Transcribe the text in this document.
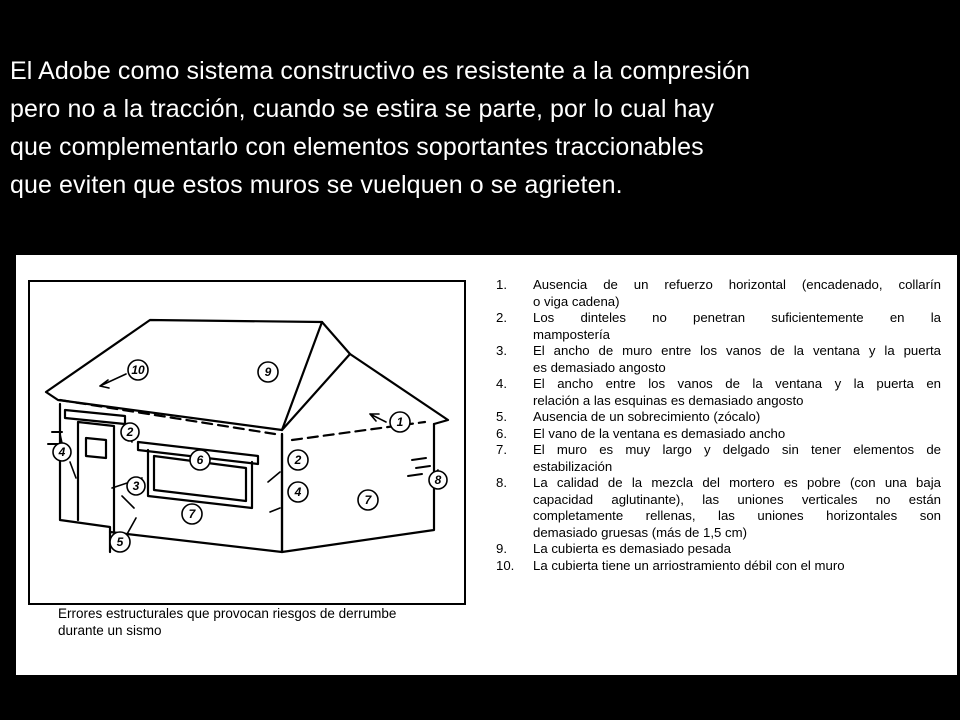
El Adobe como sistema constructivo es resistente a la compresión
pero no a la tracción, cuando se estira se parte, por lo cual hay
que complementarlo con elementos soportantes traccionables
que eviten que estos muros se vuelquen o se agrieten.
10	9
1
2
4
6	2
8
3	4
7
7
5
Errores estructurales que provocan riesgos de derrumbe
durante un sismo
1. Ausencia de un refuerzo horizontal (encadenado, collarín
o viga cadena)
2. Los dinteles no penetran suficientemente en la
mampostería
3. El ancho de muro entre los vanos de la ventana y la puerta
es demasiado angosto
4. El ancho entre los vanos de la ventana y la puerta en
relación a las esquinas es demasiado angosto
5. Ausencia de un sobrecimiento (zócalo)
6. El vano de la ventana es demasiado ancho
7. El muro es muy largo y delgado sin tener elementos de
estabilización
8. La calidad de la mezcla del mortero es pobre (con una baja
capacidad aglutinante), las uniones verticales no están
completamente rellenas, las uniones horizontales son
demasiado gruesas (más de 1,5 cm)
9. La cubierta es demasiado pesada
10. La cubierta tiene un arriostramiento débil con el muro
